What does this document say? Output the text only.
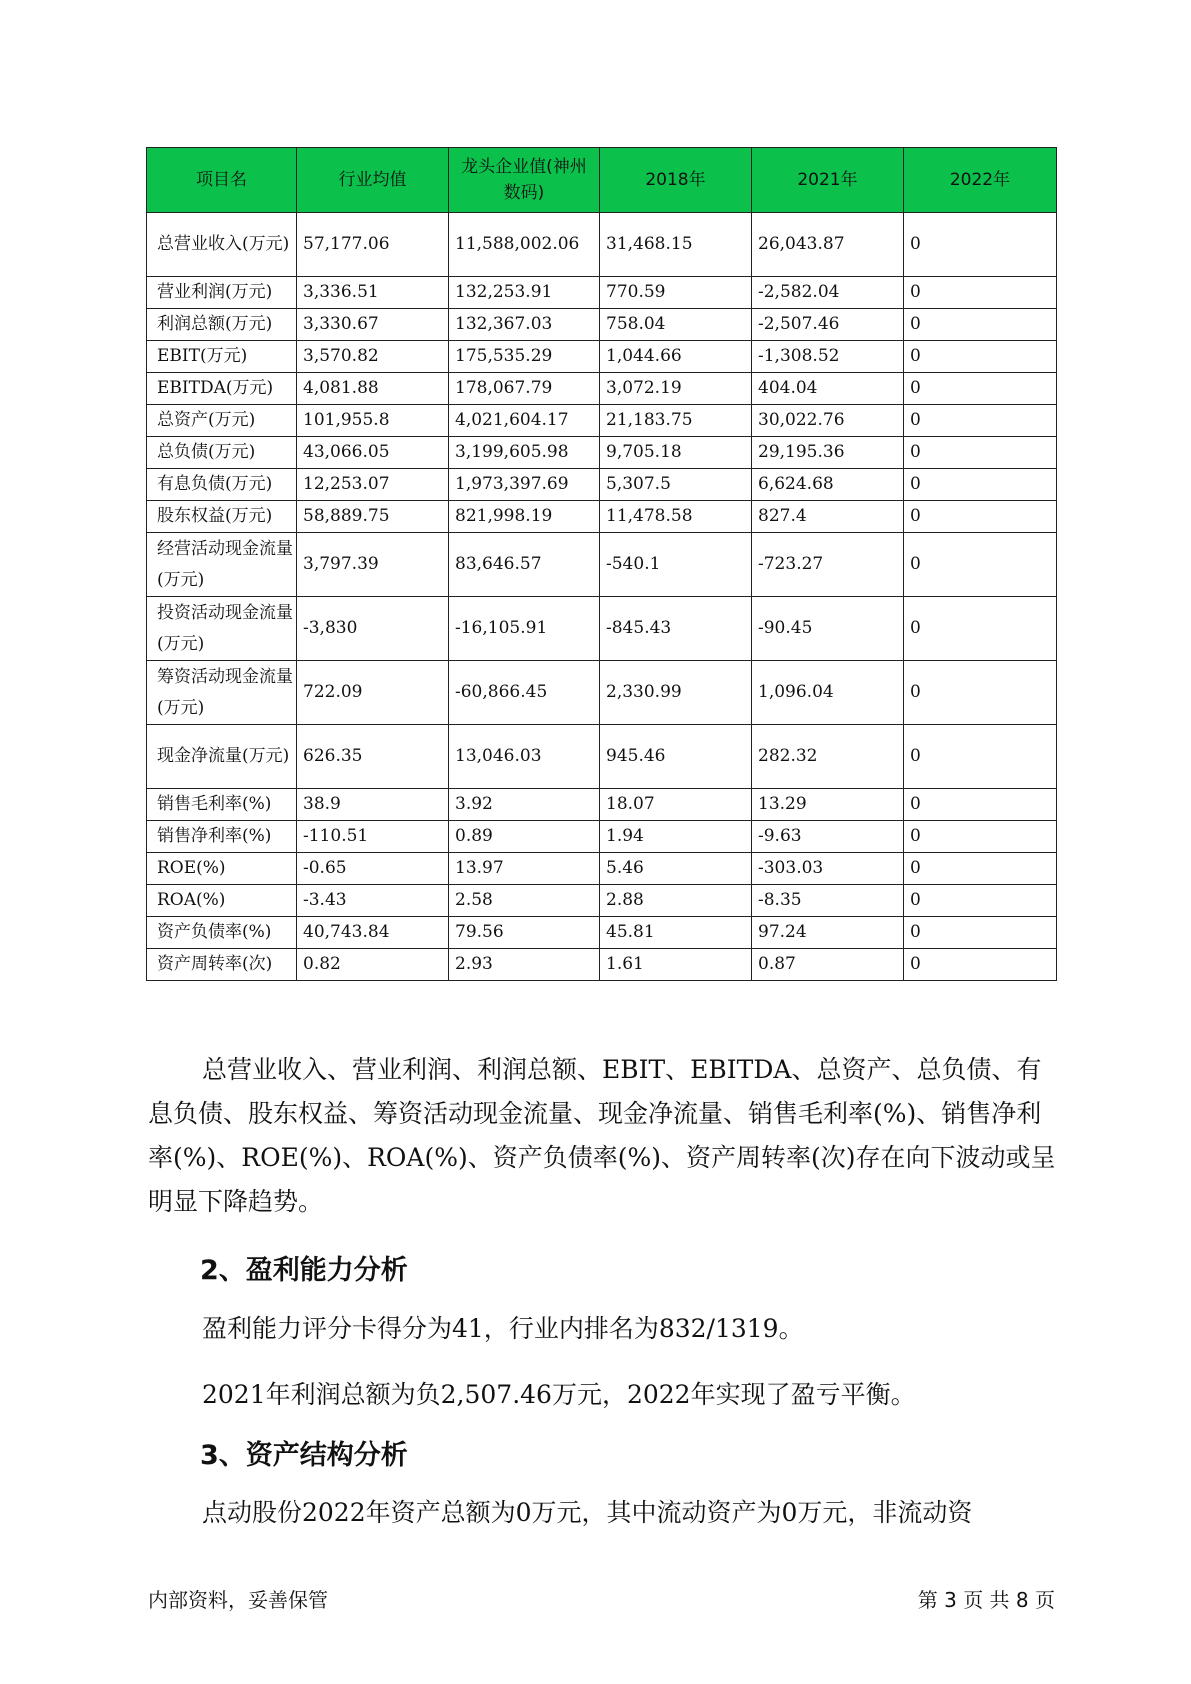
项目名	行业均值	龙头企业值(神州数码)	2018年	2021年	2022年
总营业收入(万元)	57,177.06	11,588,002.06	31,468.15	26,043.87	0
营业利润(万元)	3,336.51	132,253.91	770.59	-2,582.04	0
利润总额(万元)	3,330.67	132,367.03	758.04	-2,507.46	0
EBIT(万元)	3,570.82	175,535.29	1,044.66	-1,308.52	0
EBITDA(万元)	4,081.88	178,067.79	3,072.19	404.04	0
总资产(万元)	101,955.8	4,021,604.17	21,183.75	30,022.76	0
总负债(万元)	43,066.05	3,199,605.98	9,705.18	29,195.36	0
有息负债(万元)	12,253.07	1,973,397.69	5,307.5	6,624.68	0
股东权益(万元)	58,889.75	821,998.19	11,478.58	827.4	0
经营活动现金流量(万元)	3,797.39	83,646.57	-540.1	-723.27	0
投资活动现金流量(万元)	-3,830	-16,105.91	-845.43	-90.45	0
筹资活动现金流量(万元)	722.09	-60,866.45	2,330.99	1,096.04	0
现金净流量(万元)	626.35	13,046.03	945.46	282.32	0
销售毛利率(%)	38.9	3.92	18.07	13.29	0
销售净利率(%)	-110.51	0.89	1.94	-9.63	0
ROE(%)	-0.65	13.97	5.46	-303.03	0
ROA(%)	-3.43	2.58	2.88	-8.35	0
资产负债率(%)	40,743.84	79.56	45.81	97.24	0
资产周转率(次)	0.82	2.93	1.61	0.87	0

总营业收入、营业利润、利润总额、EBIT、EBITDA、总资产、总负债、有息负债、股东权益、筹资活动现金流量、现金净流量、销售毛利率(%)、销售净利率(%)、ROE(%)、ROA(%)、资产负债率(%)、资产周转率(次)存在向下波动或呈明显下降趋势。

2、盈利能力分析

盈利能力评分卡得分为41，行业内排名为832/1319。

2021年利润总额为负2,507.46万元，2022年实现了盈亏平衡。

3、资产结构分析

点动股份2022年资产总额为0万元，其中流动资产为0万元，非流动资

内部资料，妥善保管	第 3 页 共 8 页
